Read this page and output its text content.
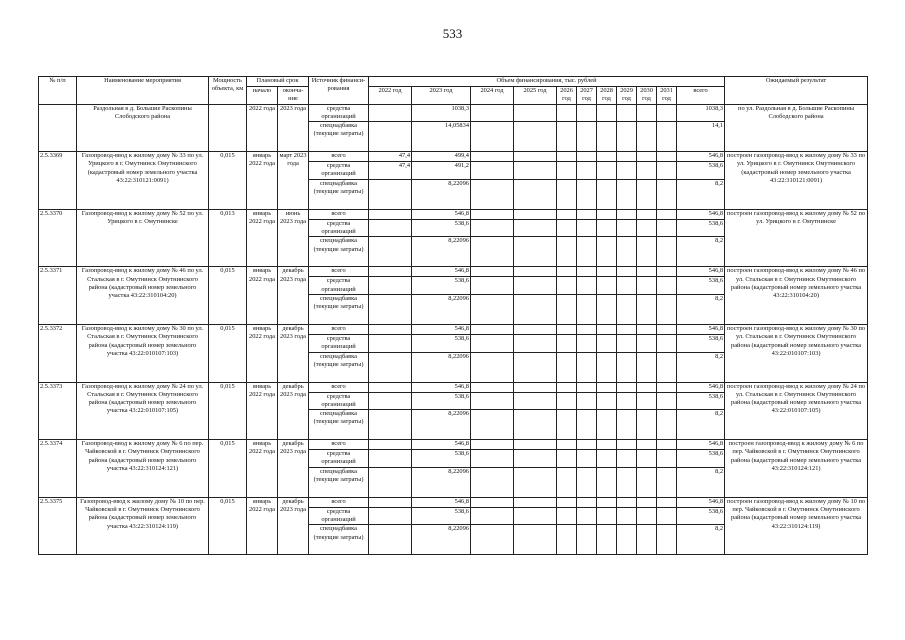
533
№ п/п	Наименование мероприятия	Мощность объекта, км	Плановый срок		Источник финанси- рования	Объем финансирования, тыс. рублей											Ожидаемый результат
			начало	оконча- ние		2022 год	2023 год	2024 год	2025 год	2026 год	2027 год	2028 год	2029 год	2030 год	2031 год	всего	
	Раздольная в д. Большие Раскопины Слободского района		2022 года	2023 года	средства организаций		1038,3									1038,3	по ул. Раздольная в д. Большие Раскопины Слободского района
					спецнадбавка (текущие затраты)		14,05834									14,1	
2.5.3369	Газопровод-ввод к жилому дому № 33 по ул. Урицкого в г. Омутнинск Омутнинского (кадастровый номер земельного участка 43:22:310121:0091)	0,015	январь 2022 года	март 2023 года	всего	47,4	499,4									546,8	построен газопровод-ввод к жилому дому № 33 по ул. Урицкого в г. Омутнинск Омутнинского (кадастровый номер земельного участка 43:22:310121:0091)
					средства организаций	47,4	491,2									538,6	
					спецнадбавка (текущие затраты)		8,22096									8,2	
2.5.3370	Газопровод-ввод к жилому дому № 52 по ул. Урицкого в г. Омутнинске	0,013	январь 2022 года	июнь 2023 года	всего		546,8									546,8	построен газопровод-ввод к жилому дому № 52 по ул. Урицкого в г. Омутнинске
					средства организаций		538,6									538,6	
					спецнадбавка (текущие затраты)		8,22096									8,2	
2.5.3371	Газопровод-ввод к жилому дому № 46 по ул. Стальская в г. Омутнинск Омутнинского района (кадастровый номер земельного участка 43:22:310104:20)	0,015	январь 2022 года	декабрь 2023 года	всего		546,8									546,8	построен газопровод-ввод к жилому дому № 46 по ул. Стальская в г. Омутнинск Омутнинского района (кадастровый номер земельного участка 43:22:310104:20)
					средства организаций		538,6									538,6	
					спецнадбавка (текущие затраты)		8,22096									8,2	
2.5.3372	Газопровод-ввод к жилому дому № 30 по ул. Стальская в г. Омутнинск Омутнинского района (кадастровый номер земельного участка 43:22:010107:103)	0,015	январь 2022 года	декабрь 2023 года	всего		546,8									546,8	построен газопровод-ввод к жилому дому № 30 по ул. Стальская в г. Омутнинск Омутнинского района (кадастровый номер земельного участка 43:22:010107:103)
					средства организаций		538,6									538,6	
					спецнадбавка (текущие затраты)		8,22096									8,2	
2.5.3373	Газопровод-ввод к жилому дому № 24 по ул. Стальская в г. Омутнинск Омутнинского района (кадастровый номер земельного участка 43:22:010107:105)	0,015	январь 2022 года	декабрь 2023 года	всего		546,8									546,8	построен газопровод-ввод к жилому дому № 24 по ул. Стальская в г. Омутнинск Омутнинского района (кадастровый номер земельного участка 43:22:010107:105)
					средства организаций		538,6									538,6	
					спецнадбавка (текущие затраты)		8,22096									8,2	
2.5.3374	Газопровод-ввод к жилому дому № 6 по пер. Чайковской в г. Омутнинск Омутнинского района (кадастровый номер земельного участка 43:22:310124:121)	0,015	январь 2022 года	декабрь 2023 года	всего		546,8									546,8	построен газопровод-ввод к жилому дому № 6 по пер. Чайковской в г. Омутнинск Омутнинского района (кадастровый номер земельного участка 43:22:310124:121)
					средства организаций		538,6									538,6	
					спецнадбавка (текущие затраты)		8,22096									8,2	
2.5.3375	Газопровод-ввод к жилому дому № 10 по пер. Чайковской в г. Омутнинск Омутнинского района (кадастровый номер земельного участка 43:22:310124:119)	0,015	январь 2022 года	декабрь 2023 года	всего		546,8									546,8	построен газопровод-ввод к жилому дому № 10 по пер. Чайковской в г. Омутнинск Омутнинского района (кадастровый номер земельного участка 43:22:310124:119)
					средства организаций		538,6									538,6	
					спецнадбавка (текущие затраты)		8,22096									8,2	
